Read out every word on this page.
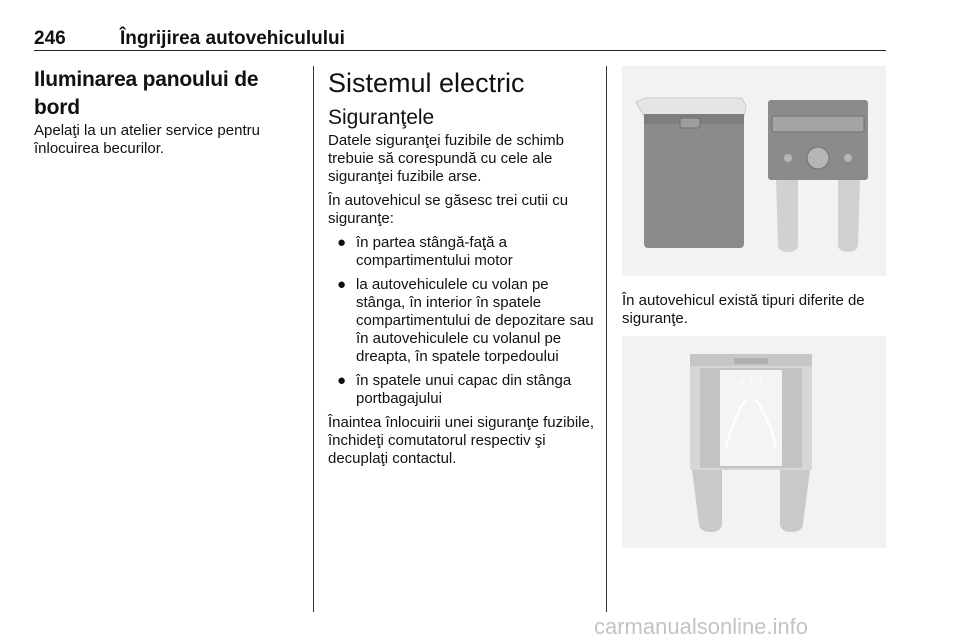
246	Îngrijirea autovehiculului
Iluminarea panoului de bord

Apelaţi la un atelier service pentru înlocuirea becurilor.

Sistemul electric
Siguranţele

Datele siguranţei fuzibile de schimb trebuie să corespundă cu cele ale siguranţei fuzibile arse.

În autovehicul se găsesc trei cutii cu siguranţe:

● în partea stângă-faţă a compartimentului motor
● la autovehiculele cu volan pe stânga, în interior în spatele compartimentului de depozitare sau în autovehiculele cu volanul pe dreapta, în spatele torpedoului
● în spatele unui capac din stânga portbagajului

Înaintea înlocuirii unei siguranţe fuzibile, închideţi comutatorul respectiv şi decuplaţi contactul.

În autovehicul există tipuri diferite de siguranţe.
carmanualsonline.info
